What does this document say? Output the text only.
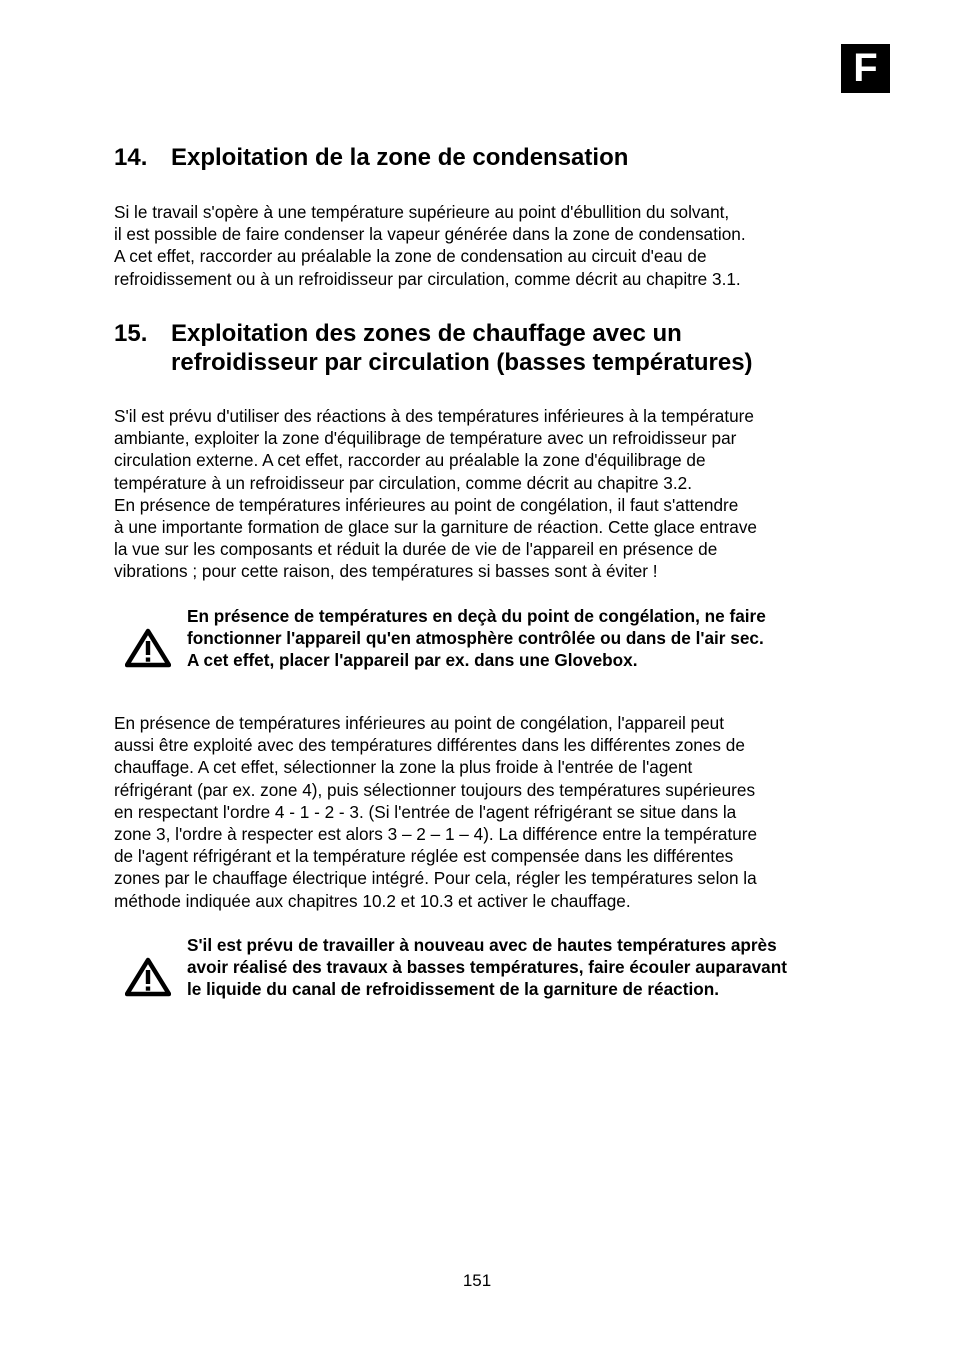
F
14. Exploitation de la zone de condensation
Si le travail s'opère à une température supérieure au point d'ébullition du solvant,
il est possible de faire condenser la vapeur générée dans la zone de condensation.
A cet effet, raccorder au préalable la zone de condensation au circuit d'eau de
refroidissement ou à un refroidisseur par circulation, comme décrit au chapitre 3.1.
15. Exploitation des zones de chauffage avec un
refroidisseur par circulation (basses températures)
S'il est prévu d'utiliser des réactions à des températures inférieures à la température
ambiante, exploiter la zone d'équilibrage de température avec un refroidisseur par
circulation externe. A cet effet, raccorder au préalable la zone d'équilibrage de
température à un refroidisseur par circulation, comme décrit au chapitre 3.2.
En présence de températures inférieures au point de congélation, il faut s'attendre
à une importante formation de glace sur la garniture de réaction. Cette glace entrave
la vue sur les composants et réduit la durée de vie de l'appareil en présence de
vibrations ; pour cette raison, des températures si basses sont à éviter !
En présence de températures en deçà du point de congélation, ne faire
fonctionner l'appareil qu'en atmosphère contrôlée ou dans de l'air sec.
A cet effet, placer l'appareil par ex. dans une Glovebox.
En présence de températures inférieures au point de congélation, l'appareil peut
aussi être exploité avec des températures différentes dans les différentes zones de
chauffage. A cet effet, sélectionner la zone la plus froide à l'entrée de l'agent
réfrigérant (par ex. zone 4), puis sélectionner toujours des températures supérieures
en respectant l'ordre 4 - 1 - 2 - 3. (Si l'entrée de l'agent réfrigérant se situe dans la
zone 3, l'ordre à respecter est alors 3 – 2 – 1 – 4). La différence entre la température
de l'agent réfrigérant et la température réglée est compensée dans les différentes
zones par le chauffage électrique intégré. Pour cela, régler les températures selon la
méthode indiquée aux chapitres 10.2 et 10.3 et activer le chauffage.
S'il est prévu de travailler à nouveau avec de hautes températures après
avoir réalisé des travaux à basses températures, faire écouler auparavant
le liquide du canal de refroidissement de la garniture de réaction.
151
